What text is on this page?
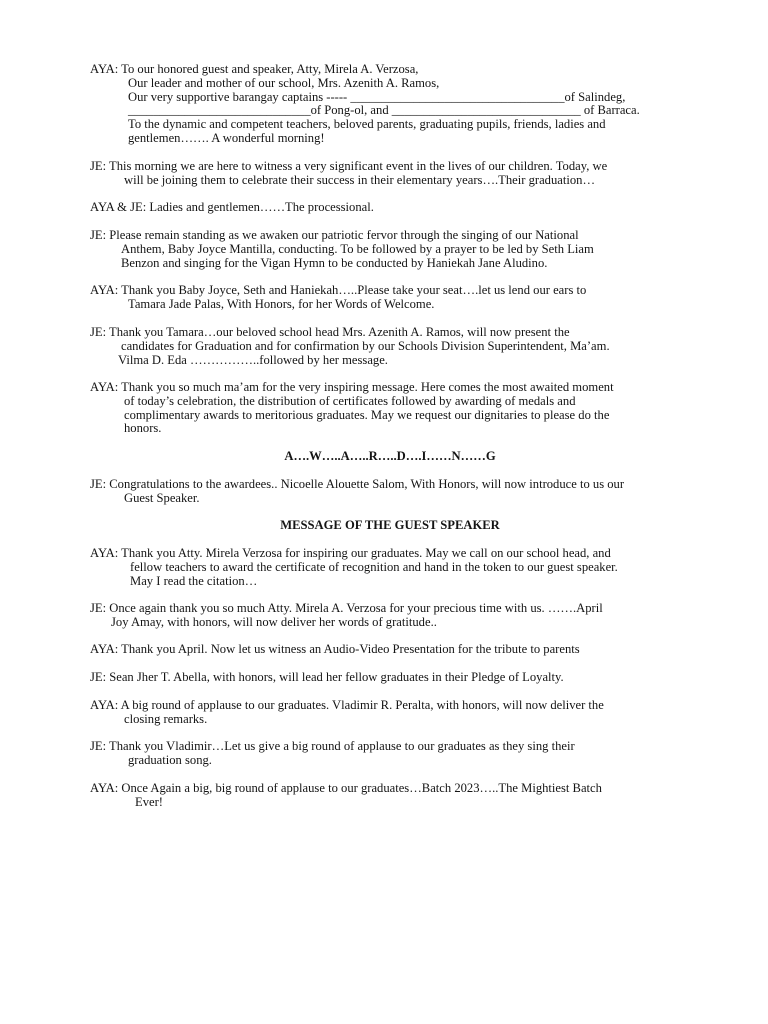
AYA: To our honored guest and speaker, Atty, Mirela A. Verzosa,
Our leader and mother of our school, Mrs. Azenith A. Ramos,
Our very supportive barangay captains ----- __________________________________of Salindeg,
_____________________________of Pong-ol, and ______________________________ of Barraca.
To the dynamic and competent teachers, beloved parents, graduating pupils, friends, ladies and
gentlemen……. A wonderful morning!
JE: This morning we are here to witness a very significant event in the lives of our children. Today, we
will be joining them to celebrate their success in their elementary years….Their graduation…
AYA & JE: Ladies and gentlemen……The processional.
JE: Please remain standing as we awaken our patriotic fervor through the singing of our National
Anthem, Baby Joyce Mantilla, conducting. To be followed by a prayer to be led by Seth Liam
Benzon and singing for the Vigan Hymn to be conducted by Haniekah Jane Aludino.
AYA: Thank you Baby Joyce, Seth and Haniekah…..Please take your seat….let us lend our ears to
Tamara Jade Palas, With Honors, for her Words of Welcome.
JE: Thank you Tamara…our beloved school head Mrs. Azenith A. Ramos, will now present the
candidates for Graduation and for confirmation by our Schools Division Superintendent, Ma’am.
Vilma D. Eda ……………..followed by her message.
AYA: Thank you so much ma’am for the very inspiring message. Here comes the most awaited moment
of today’s celebration, the distribution of certificates followed by awarding of medals and
complimentary awards to meritorious graduates. May we request our dignitaries to please do the
honors.
A….W…..A…..R…..D….I……N……G
JE: Congratulations to the awardees.. Nicoelle Alouette Salom, With Honors, will now introduce to us our
Guest Speaker.
MESSAGE OF THE GUEST SPEAKER
AYA: Thank you Atty. Mirela Verzosa for inspiring our graduates. May we call on our school head, and
fellow teachers to award the certificate of recognition and hand in the token to our guest speaker.
May I read the citation…
JE: Once again thank you so much Atty. Mirela A. Verzosa for your precious time with us. …….April
Joy Amay, with honors, will now deliver her words of gratitude..
AYA: Thank you April. Now let us witness an Audio-Video Presentation for the tribute to parents
JE: Sean Jher T. Abella, with honors, will lead her fellow graduates in their Pledge of Loyalty.
AYA: A big round of applause to our graduates. Vladimir R. Peralta, with honors, will now deliver the
closing remarks.
JE: Thank you Vladimir…Let us give a big round of applause to our graduates as they sing their
graduation song.
AYA: Once Again a big, big round of applause to our graduates…Batch 2023…..The Mightiest Batch
Ever!
